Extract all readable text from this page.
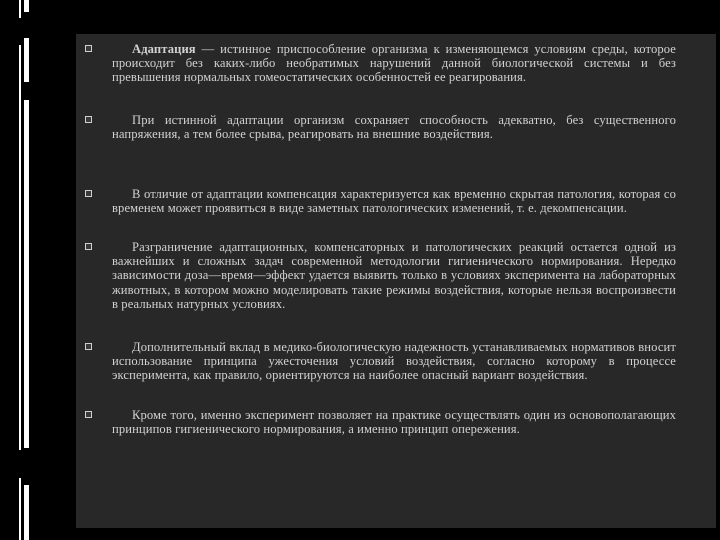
Адаптация — истинное приспособление организма к изменяющемся условиям среды, которое происходит без каких-либо необратимых нарушений данной биологической системы и без превышения нормальных гомеостатических особенностей ее реагирования.
При истинной адаптации организм сохраняет способность адекватно, без существенного напряжения, а тем более срыва, реагировать на внешние воздействия.
В отличие от адаптации компенсация характеризуется как временно скрытая патология, которая со временем может проявиться в виде заметных патологических изменений, т. е. декомпенсации.
Разграничение адаптационных, компенсаторных и патологических реакций остается одной из важнейших и сложных задач современной методологии гигиенического нормирования. Нередко зависимости доза—время—эффект удается выявить только в условиях эксперимента на лабораторных животных, в котором можно моделировать такие режимы воздействия, которые нельзя воспроизвести в реальных натурных условиях.
Дополнительный вклад в медико-биологическую надежность устанавливаемых нормативов вносит использование принципа ужесточения условий воздействия, согласно которому в процессе эксперимента, как правило, ориентируются на наиболее опасный вариант воздействия.
Кроме того, именно эксперимент позволяет на практике осуществлять один из основополагающих принципов гигиенического нормирования, а именно принцип опережения.
